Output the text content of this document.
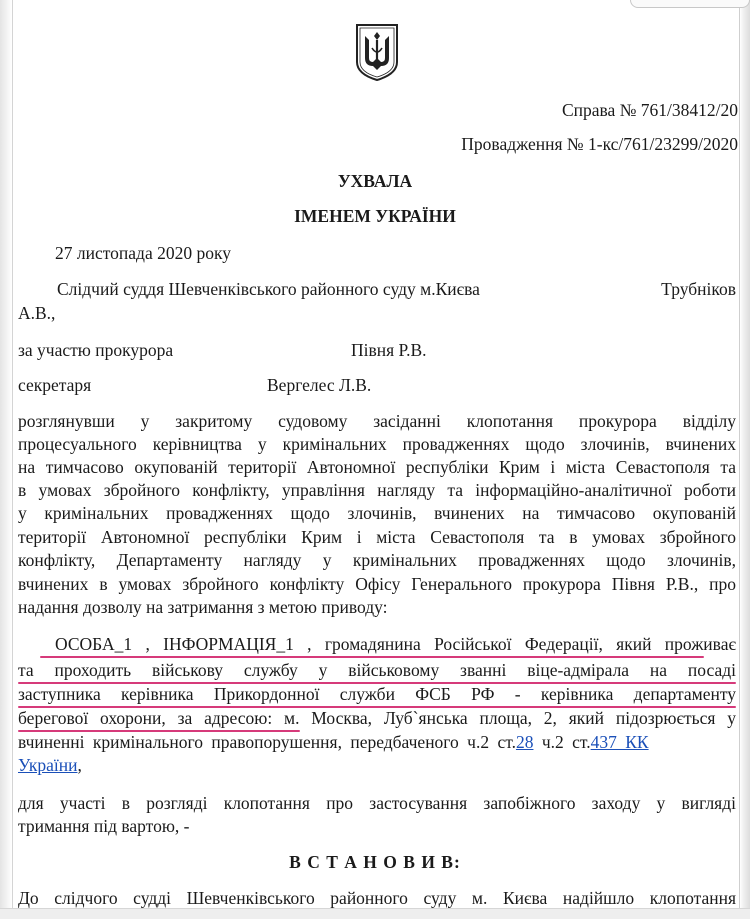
Справа № 761/38412/20
Провадження № 1-кс/761/23299/2020
УХВАЛА
ІМЕНЕМ УКРАЇНИ
27 листопада 2020 року
Слідчий суддя Шевченківського районного суду м.Києва	Трубніков
А.В.,
за участю прокурора	Півня Р.В.
секретаря	Вергелес Л.В.
розглянувши у закритому судовому засіданні клопотання прокурора відділу
процесуального керівництва у кримінальних провадженнях щодо злочинів, вчинених
на тимчасово окупованій території Автономної республіки Крим і міста Севастополя та
в умовах збройного конфлікту, управління нагляду та інформаційно-аналітичної роботи
у кримінальних провадженнях щодо злочинів, вчинених на тимчасово окупованій
території Автономної республіки Крим і міста Севастополя та в умовах збройного
конфлікту, Департаменту нагляду у кримінальних провадженнях щодо злочинів,
вчинених в умовах збройного конфлікту Офісу Генерального прокурора Півня Р.В., про
надання дозволу на затримання з метою приводу:
ОСОБА_1 , ІНФОРМАЦІЯ_1 , громадянина Російської Федерації, який проживає
та проходить військову службу у військовому званні віце-адмірала на посаді
заступника керівника Прикордонної служби ФСБ РФ - керівника департаменту
берегової охорони, за адресою: м. Москва, Луб`янська площа, 2, який підозрюється у
вчиненні кримінального правопорушення, передбаченого ч.2 ст.28 ч.2 ст.437 КК
України,
для участі в розгляді клопотання про застосування запобіжного заходу у вигляді
тримання під вартою, -
В С Т А Н О В И В:
До слідчого судді Шевченківського районного суду м. Києва надійшло клопотання
